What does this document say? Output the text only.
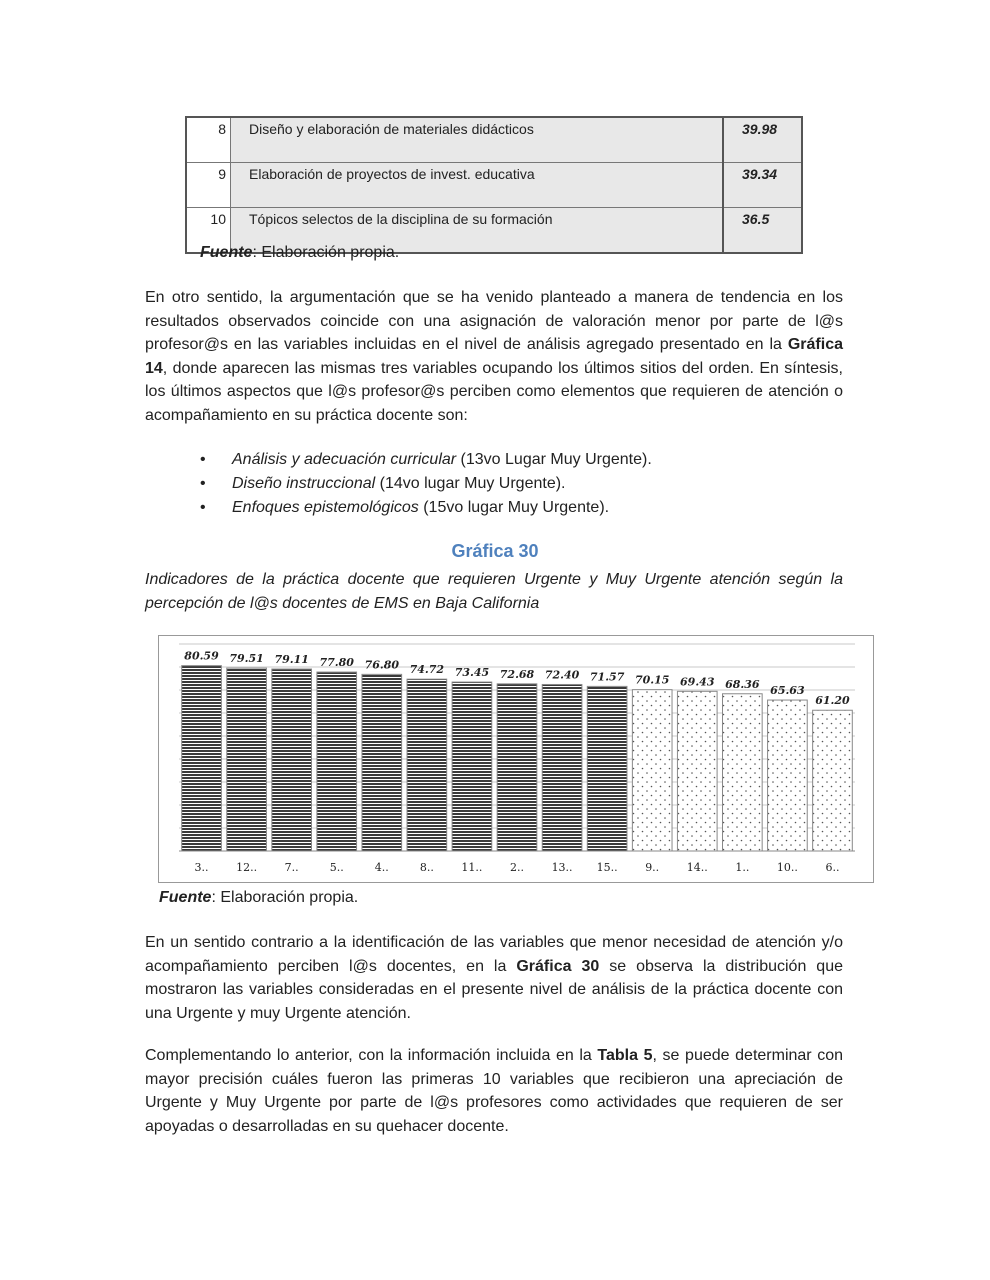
8	Diseño y elaboración de materiales didácticos	39.98
9	Elaboración de proyectos de invest. educativa	39.34
10	Tópicos selectos de la disciplina de su formación	36.5
Fuente: Elaboración propia.
En otro sentido, la argumentación que se ha venido planteado a manera de tendencia en los resultados observados coincide con una asignación de valoración menor por parte de l@s profesor@s en las variables incluidas en el nivel de análisis agregado presentado en la Gráfica 14, donde aparecen las mismas tres variables ocupando los últimos sitios del orden. En síntesis, los últimos aspectos que l@s profesor@s perciben como elementos que requieren de atención o acompañamiento en su práctica docente son:
• Análisis y adecuación curricular (13vo Lugar Muy Urgente).
• Diseño instruccional (14vo lugar Muy Urgente).
• Enfoques epistemológicos (15vo lugar Muy Urgente).
Gráfica 30
Indicadores de la práctica docente que requieren Urgente y Muy Urgente atención según la percepción de l@s docentes de EMS en Baja California
80.59 79.51 79.11 77.80 76.80 74.72 73.45 72.68 72.40 71.57 70.15 69.43 68.36 65.63
61.20
3..	12..	7..	5..	4..	8..	11..	2..	13.. 15..	9..	14..	1..	10..	6..
Fuente: Elaboración propia.
En un sentido contrario a la identificación de las variables que menor necesidad de atención y/o acompañamiento perciben l@s docentes, en la Gráfica 30 se observa la distribución que mostraron las variables consideradas en el presente nivel de análisis de la práctica docente con una Urgente y muy Urgente atención.
Complementando lo anterior, con la información incluida en la Tabla 5, se puede determinar con mayor precisión cuáles fueron las primeras 10 variables que recibieron una apreciación de Urgente y Muy Urgente por parte de l@s profesores como actividades que requieren de ser apoyadas o desarrolladas en su quehacer docente.
